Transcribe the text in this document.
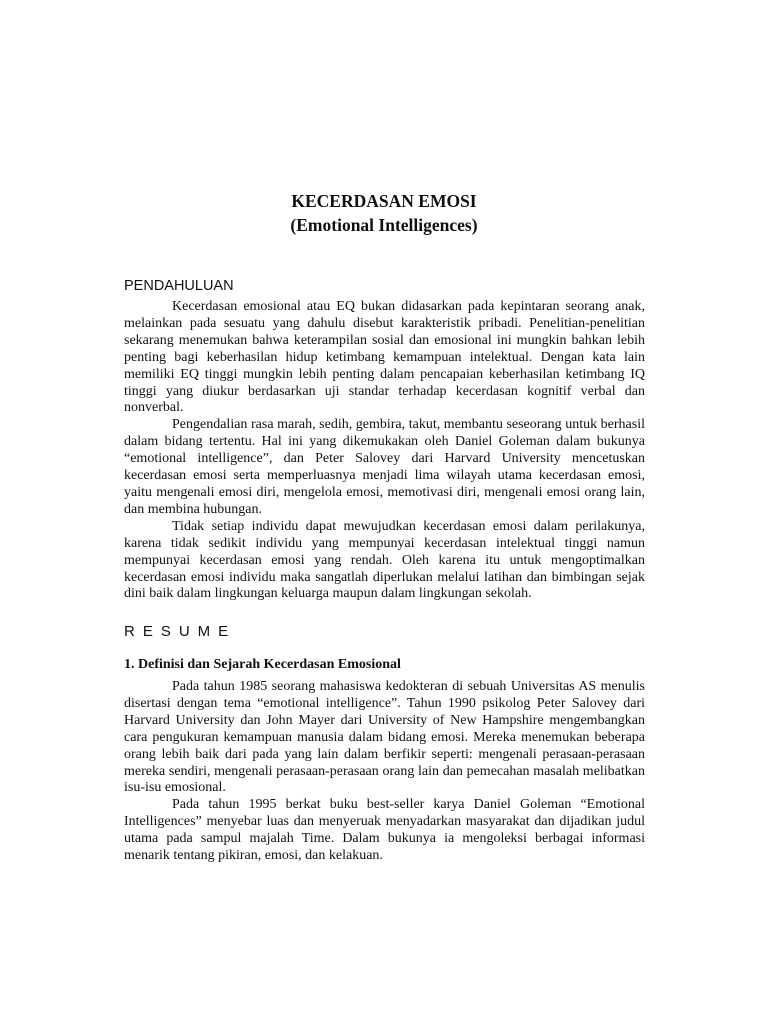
KECERDASAN EMOSI
(Emotional Intelligences)
PENDAHULUAN

Kecerdasan emosional atau EQ bukan didasarkan pada kepintaran seorang anak, melainkan pada sesuatu yang dahulu disebut karakteristik pribadi. Penelitian-penelitian sekarang menemukan bahwa keterampilan sosial dan emosional ini mungkin bahkan lebih penting bagi keberhasilan hidup ketimbang kemampuan intelektual. Dengan kata lain memiliki EQ tinggi mungkin lebih penting dalam pencapaian keberhasilan ketimbang IQ tinggi yang diukur berdasarkan uji standar terhadap kecerdasan kognitif verbal dan nonverbal.

Pengendalian rasa marah, sedih, gembira, takut, membantu seseorang untuk berhasil dalam bidang tertentu. Hal ini yang dikemukakan oleh Daniel Goleman dalam bukunya “emotional intelligence”, dan Peter Salovey dari Harvard University mencetuskan kecerdasan emosi serta memperluasnya menjadi lima wilayah utama kecerdasan emosi, yaitu mengenali emosi diri, mengelola emosi, memotivasi diri, mengenali emosi orang lain, dan membina hubungan.

Tidak setiap individu dapat mewujudkan kecerdasan emosi dalam perilakunya, karena tidak sedikit individu yang mempunyai kecerdasan intelektual tinggi namun mempunyai kecerdasan emosi yang rendah. Oleh karena itu untuk mengoptimalkan kecerdasan emosi individu maka sangatlah diperlukan melalui latihan dan bimbingan sejak dini baik dalam lingkungan keluarga maupun dalam lingkungan sekolah.

RESUME
1. Definisi dan Sejarah Kecerdasan Emosional

Pada tahun 1985 seorang mahasiswa kedokteran di sebuah Universitas AS menulis disertasi dengan tema “emotional intelligence”. Tahun 1990 psikolog Peter Salovey dari Harvard University dan John Mayer dari University of New Hampshire mengembangkan cara pengukuran kemampuan manusia dalam bidang emosi. Mereka menemukan beberapa orang lebih baik dari pada yang lain dalam berfikir seperti: mengenali perasaan-perasaan mereka sendiri, mengenali perasaan-perasaan orang lain dan pemecahan masalah melibatkan isu-isu emosional.

Pada tahun 1995 berkat buku best-seller karya Daniel Goleman “Emotional Intelligences” menyebar luas dan menyeruak menyadarkan masyarakat dan dijadikan judul utama pada sampul majalah Time. Dalam bukunya ia mengoleksi berbagai informasi menarik tentang pikiran, emosi, dan kelakuan.
